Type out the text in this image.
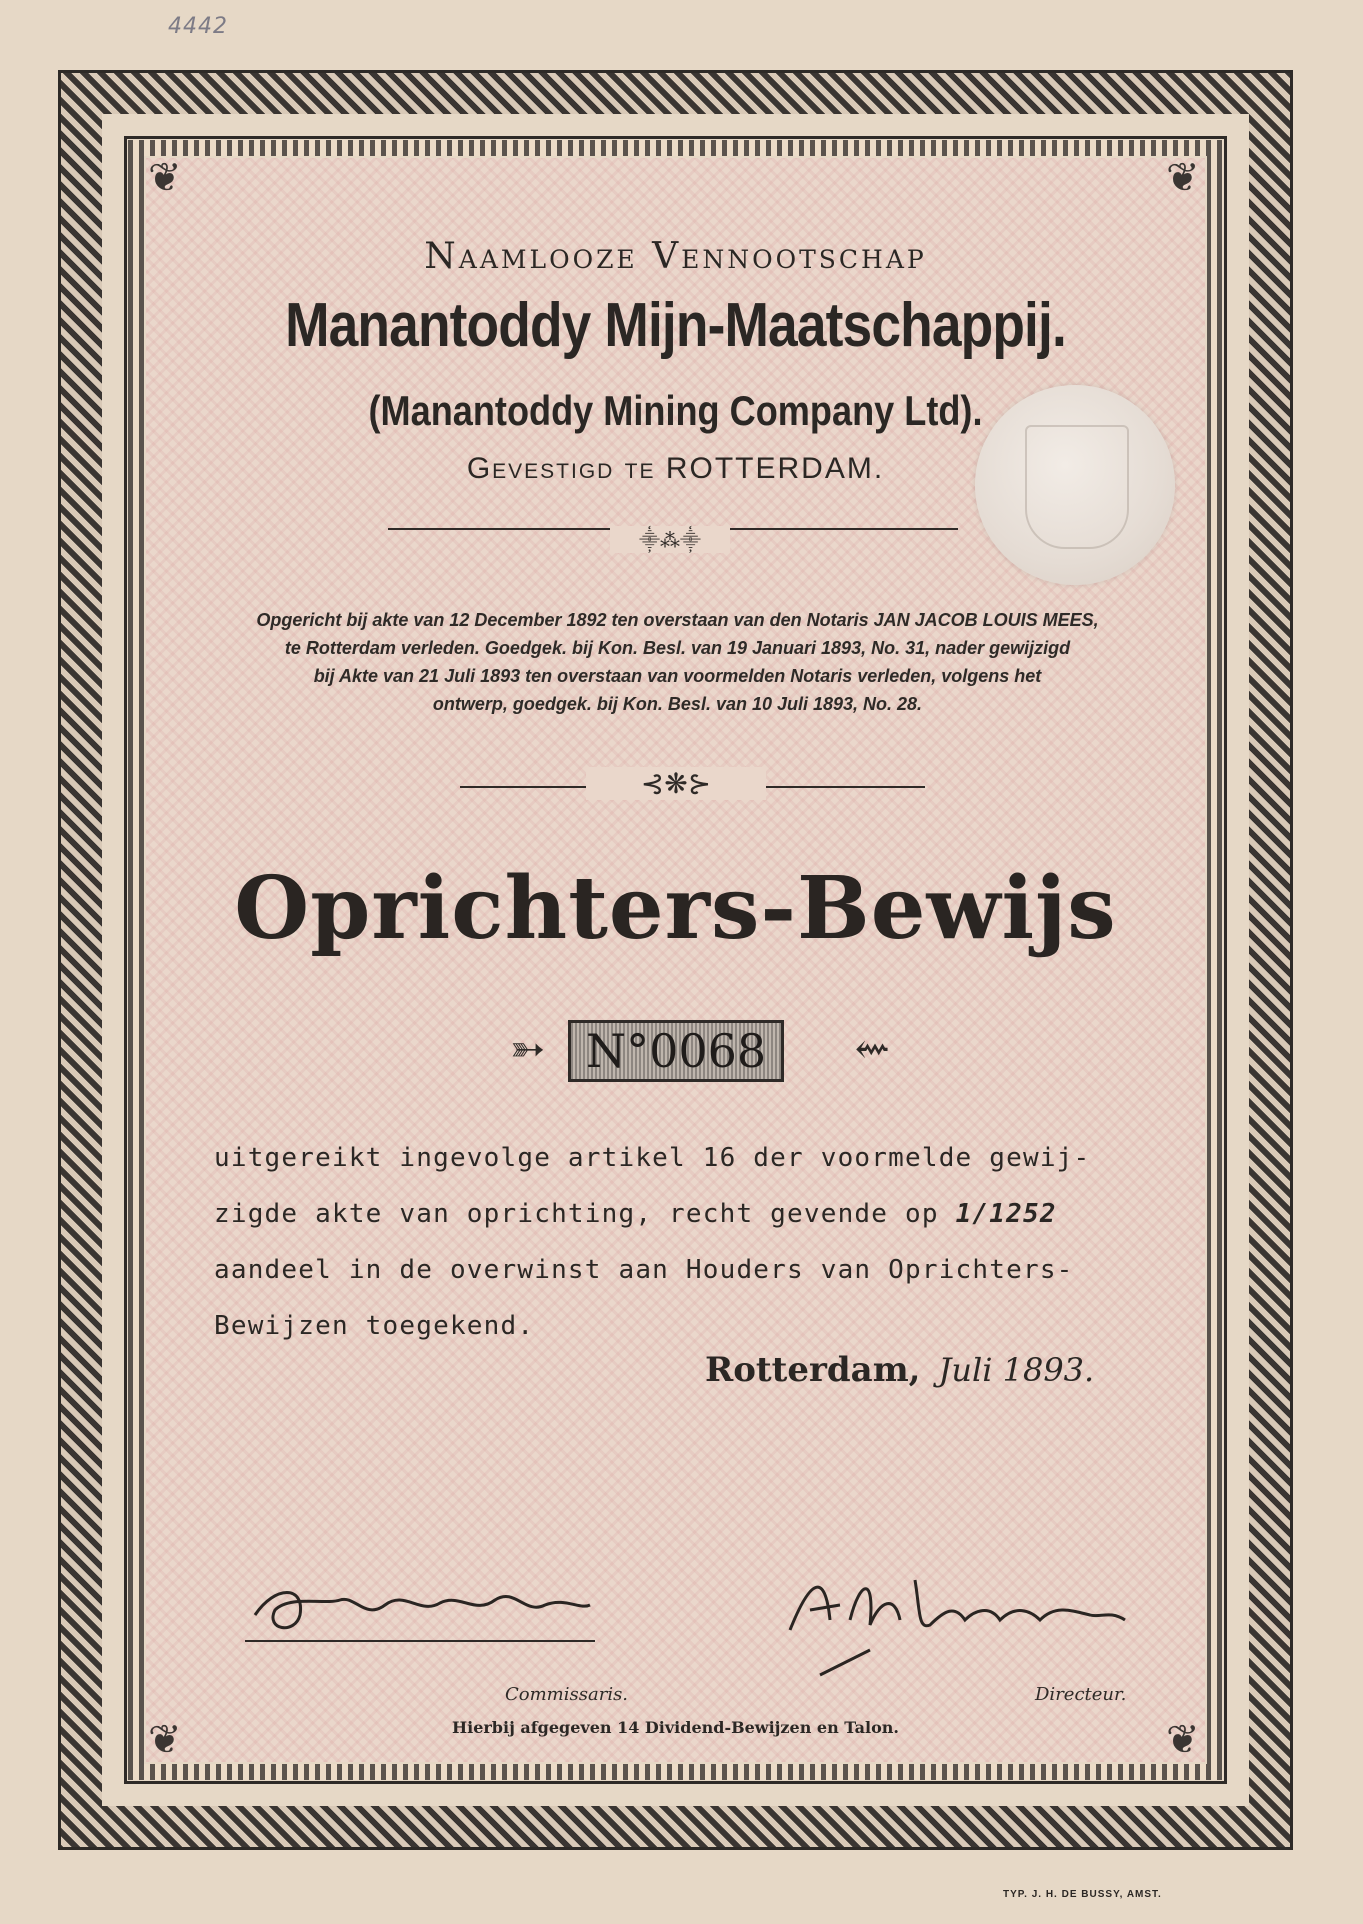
4442
❦	❦
❦	❦
Naamlooze Vennootschap
Manantoddy Mijn-Maatschappij.
(Manantoddy Mining Company Ltd).
Gevestigd te ROTTERDAM.
⸎⁂⸎
Opgericht bij akte van 12 December 1892 ten overstaan van den Notaris JAN JACOB LOUIS MEES,
te Rotterdam verleden. Goedgek. bij Kon. Besl. van 19 Januari 1893, No. 31, nader gewijzigd
bij Akte van 21 Juli 1893 ten overstaan van voormelden Notaris verleden, volgens het
ontwerp, goedgek. bij Kon. Besl. van 10 Juli 1893, No. 28.
⊰❋⊱
Oprichters-Bewijs
➳ N°0068	⇜
uitgereikt ingevolge artikel 16 der voormelde gewij-
zigde akte van oprichting, recht gevende op 1/1252
aandeel in de overwinst aan Houders van Oprichters-
Bewijzen toegekend.
Rotterdam, Juli 1893.
Commissaris.	Directeur.
Hierbij afgegeven 14 Dividend-Bewijzen en Talon.
TYP. J. H. DE BUSSY, AMST.
